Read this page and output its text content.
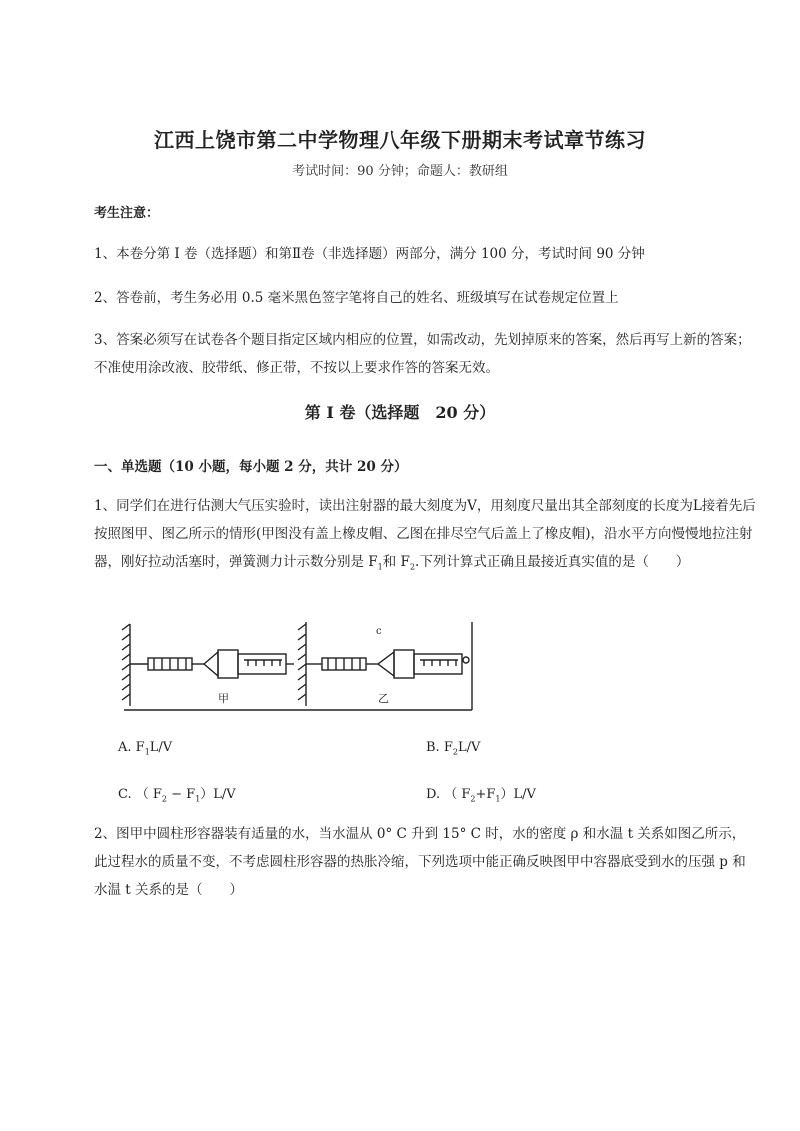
江西上饶市第二中学物理八年级下册期末考试章节练习
考试时间：90 分钟；命题人：教研组
考生注意：
1、本卷分第 I 卷（选择题）和第Ⅱ卷（非选择题）两部分，满分 100 分，考试时间 90 分钟
2、答卷前，考生务必用 0.5 毫米黑色签字笔将自己的姓名、班级填写在试卷规定位置上
3、答案必须写在试卷各个题目指定区域内相应的位置，如需改动，先划掉原来的答案，然后再写上新的答案；不准使用涂改液、胶带纸、修正带，不按以上要求作答的答案无效。
第 I 卷（选择题　20 分）
一、单选题（10 小题，每小题 2 分，共计 20 分）
1、同学们在进行估测大气压实验时，读出注射器的最大刻度为V，用刻度尺量出其全部刻度的长度为L接着先后按照图甲、图乙所示的情形(甲图没有盖上橡皮帽、乙图在排尽空气后盖上了橡皮帽)，沿水平方向慢慢地拉注射器，刚好拉动活塞时，弹簧测力计示数分别是 $F_1$和 $F_2$.下列计算式正确且最接近真实值的是（　　）
甲	乙
c
A. $F_1L/V$	B. $F_2L/V$
C. （ $F_2 - F_1)L/V$	D. （ $F_2+F_1)L/V$
2、图甲中圆柱形容器装有适量的水，当水温从 0° C 升到 15° C 时，水的密度 ρ 和水温 t 关系如图乙所示，此过程水的质量不变，不考虑圆柱形容器的热胀冷缩，下列选项中能正确反映图甲中容器底受到水的压强 p 和水温 t 关系的是（　　）
